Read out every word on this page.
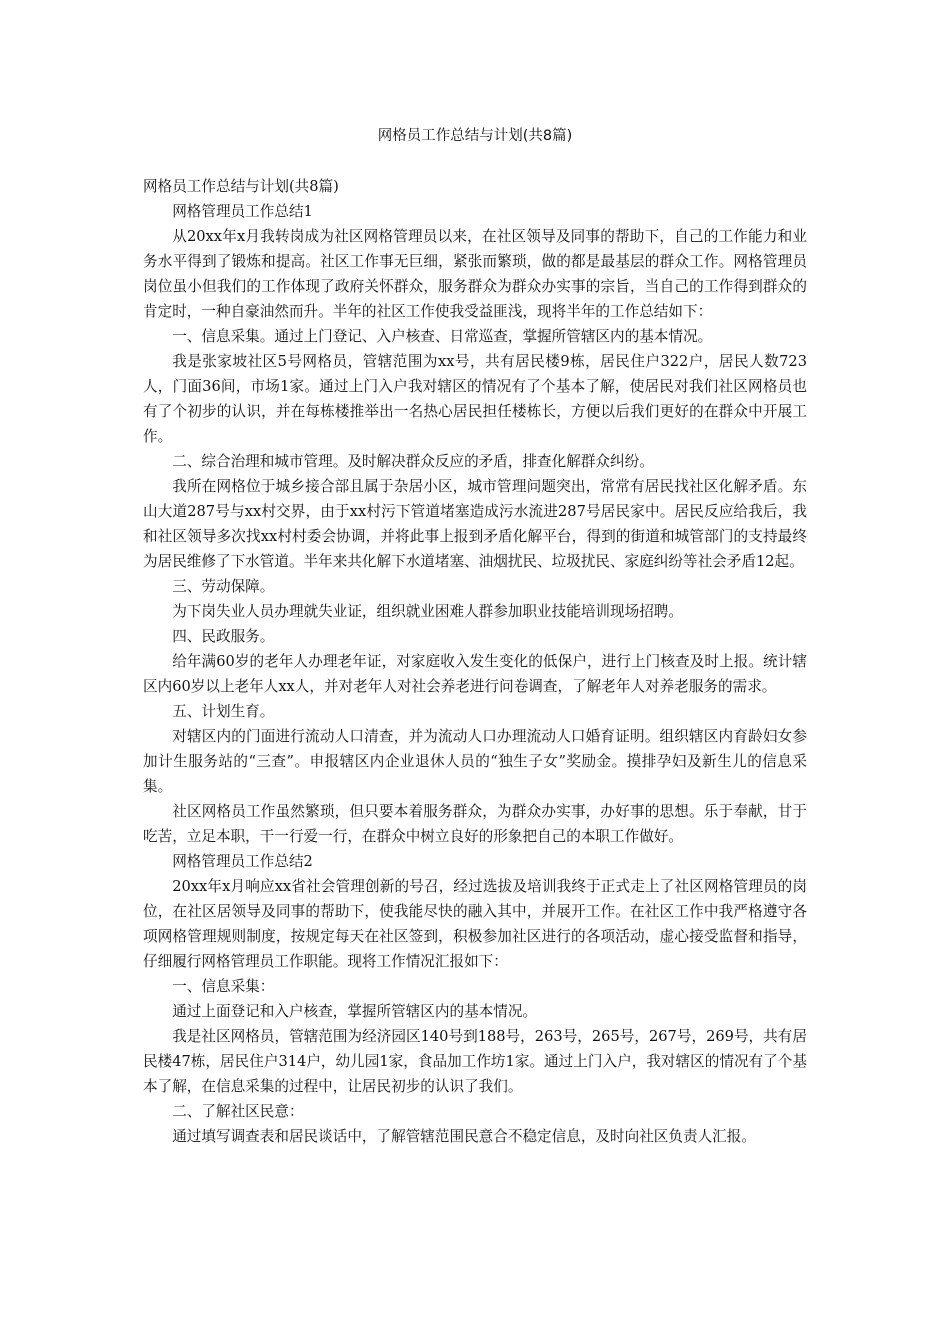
网格员工作总结与计划(共8篇)

网格员工作总结与计划(共8篇)

网格管理员工作总结1

从20xx年x月我转岗成为社区网格管理员以来，在社区领导及同事的帮助下，自己的工作能力和业务水平得到了锻炼和提高。社区工作事无巨细，紧张而繁琐，做的都是最基层的群众工作。网格管理员岗位虽小但我们的工作体现了政府关怀群众，服务群众为群众办实事的宗旨，当自己的工作得到群众的肯定时，一种自豪油然而升。半年的社区工作使我受益匪浅，现将半年的工作总结如下：

一、信息采集。通过上门登记、入户核查、日常巡查，掌握所管辖区内的基本情况。

我是张家坡社区5号网格员，管辖范围为xx号，共有居民楼9栋，居民住户322户，居民人数723人，门面36间，市场1家。通过上门入户我对辖区的情况有了个基本了解，使居民对我们社区网格员也有了个初步的认识，并在每栋楼推举出一名热心居民担任楼栋长，方便以后我们更好的在群众中开展工作。

二、综合治理和城市管理。及时解决群众反应的矛盾，排查化解群众纠纷。

我所在网格位于城乡接合部且属于杂居小区，城市管理问题突出，常常有居民找社区化解矛盾。东山大道287号与xx村交界，由于xx村污下管道堵塞造成污水流进287号居民家中。居民反应给我后，我和社区领导多次找xx村村委会协调，并将此事上报到矛盾化解平台，得到的街道和城管部门的支持最终为居民维修了下水管道。半年来共化解下水道堵塞、油烟扰民、垃圾扰民、家庭纠纷等社会矛盾12起。

三、劳动保障。

为下岗失业人员办理就失业证，组织就业困难人群参加职业技能培训现场招聘。

四、民政服务。

给年满60岁的老年人办理老年证，对家庭收入发生变化的低保户，进行上门核查及时上报。统计辖区内60岁以上老年人xx人，并对老年人对社会养老进行问卷调查，了解老年人对养老服务的需求。

五、计划生育。

对辖区内的门面进行流动人口清查，并为流动人口办理流动人口婚育证明。组织辖区内育龄妇女参加计生服务站的“三查”。申报辖区内企业退休人员的“独生子女”奖励金。摸排孕妇及新生儿的信息采集。

社区网格员工作虽然繁琐，但只要本着服务群众，为群众办实事，办好事的思想。乐于奉献，甘于吃苦，立足本职，干一行爱一行，在群众中树立良好的形象把自己的本职工作做好。

网格管理员工作总结2

20xx年x月响应xx省社会管理创新的号召，经过选拔及培训我终于正式走上了社区网格管理员的岗位，在社区居领导及同事的帮助下，使我能尽快的融入其中，并展开工作。在社区工作中我严格遵守各项网格管理规则制度，按规定每天在社区签到，积极参加社区进行的各项活动，虚心接受监督和指导，仔细履行网格管理员工作职能。现将工作情况汇报如下：

一、信息采集：

通过上面登记和入户核查，掌握所管辖区内的基本情况。

我是社区网格员，管辖范围为经济园区140号到188号，263号，265号，267号，269号，共有居民楼47栋，居民住户314户，幼儿园1家，食品加工作坊1家。通过上门入户，我对辖区的情况有了个基本了解，在信息采集的过程中，让居民初步的认识了我们。

二、了解社区民意：

通过填写调查表和居民谈话中，了解管辖范围民意合不稳定信息，及时向社区负责人汇报。
